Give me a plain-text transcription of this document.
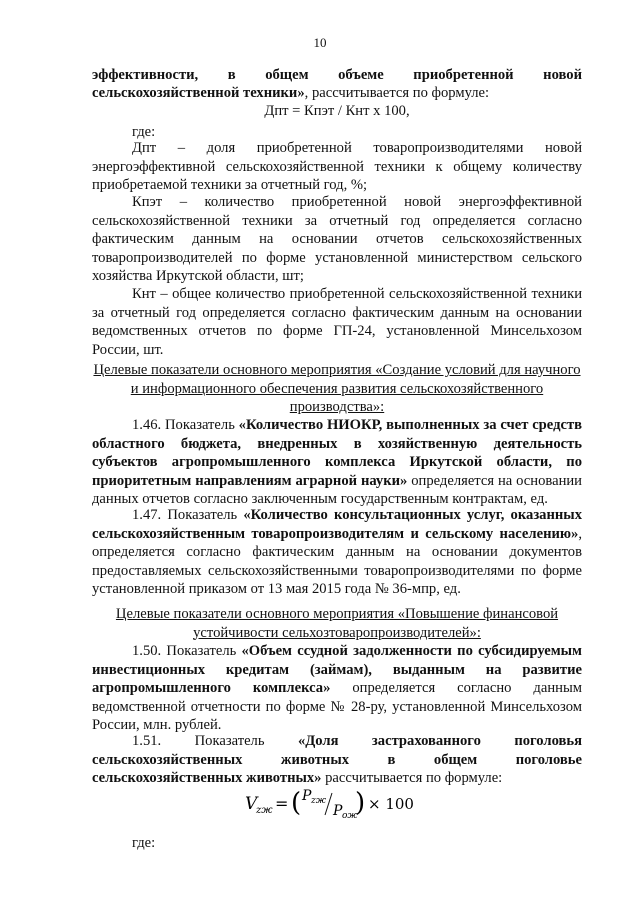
10
эффективности, в общем объеме приобретенной новой
сельскохозяйственной техники», рассчитывается по формуле:
Дпт = Кпэт / Кнт х 100,
где:
Дпт – доля приобретенной товаропроизводителями новой энергоэффективной сельскохозяйственной техники к общему количеству приобретаемой техники за отчетный год, %;
Кпэт – количество приобретенной новой энергоэффективной сельскохозяйственной техники за отчетный год определяется согласно фактическим данным на основании отчетов сельскохозяйственных товаропроизводителей по форме установленной министерством сельского хозяйства Иркутской области, шт;
Кнт – общее количество приобретенной сельскохозяйственной техники за отчетный год определяется согласно фактическим данным на основании ведомственных отчетов по форме ГП-24, установленной Минсельхозом России, шт.
Целевые показатели основного мероприятия «Создание условий для научного и информационного обеспечения развития сельскохозяйственного производства»:
1.46. Показатель «Количество НИОКР, выполненных за счет средств областного бюджета, внедренных в хозяйственную деятельность субъектов агропромышленного комплекса Иркутской области, по приоритетным направлениям аграрной науки» определяется на основании данных отчетов согласно заключенным государственным контрактам, ед.
1.47. Показатель «Количество консультационных услуг, оказанных сельскохозяйственным товаропроизводителям и сельскому населению», определяется согласно фактическим данным на основании документов предоставляемых сельскохозяйственными товаропроизводителями по форме установленной приказом от 13 мая 2015 года № 36-мпр, ед.
Целевые показатели основного мероприятия «Повышение финансовой устойчивости сельхозтоваропроизводителей»:
1.50. Показатель «Объем ссудной задолженности по субсидируемым инвестиционных кредитам (займам), выданным на развитие агропромышленного комплекса» определяется согласно данным ведомственной отчетности по форме № 28-ру, установленной Минсельхозом России, млн. рублей.
1.51. Показатель «Доля застрахованного поголовья сельскохозяйственных животных в общем поголовье сельскохозяйственных животных» рассчитывается по формуле:
V
zж = ( P zж
P ож
) × 100
где:
